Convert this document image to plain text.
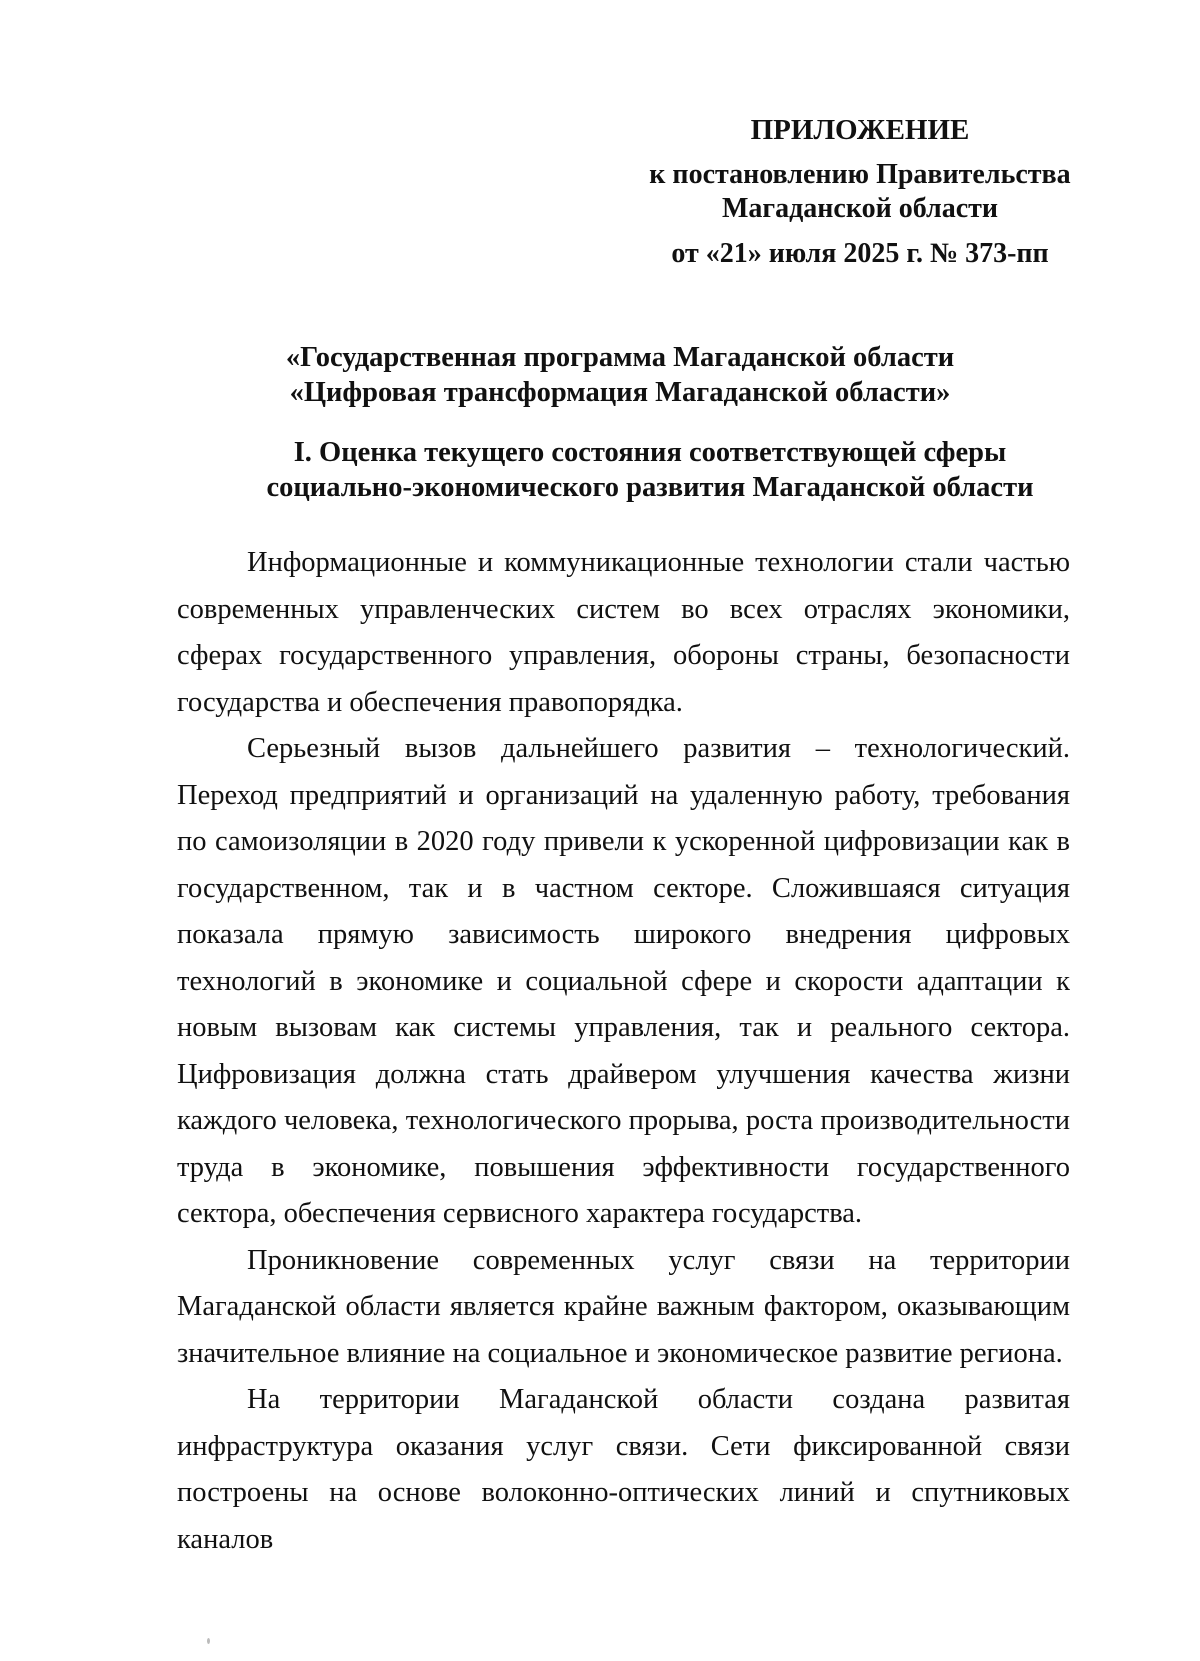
ПРИЛОЖЕНИЕ
к постановлению Правительства
Магаданской области
от «21» июля 2025 г. № 373-пп
«Государственная программа Магаданской области
«Цифровая трансформация Магаданской области»
I. Оценка текущего состояния соответствующей сферы
социально-экономического развития Магаданской области

Информационные и коммуникационные технологии стали частью современных управленческих систем во всех отраслях экономики, сферах государственного управления, обороны страны, безопасности государства и обеспечения правопорядка.

Серьезный вызов дальнейшего развития – технологический. Переход предприятий и организаций на удаленную работу, требования по самоизоляции в 2020 году привели к ускоренной цифровизации как в государственном, так и в частном секторе. Сложившаяся ситуация показала прямую зависимость широкого внедрения цифровых технологий в экономике и социальной сфере и скорости адаптации к новым вызовам как системы управления, так и реального сектора. Цифровизация должна стать драйвером улучшения качества жизни каждого человека, технологического прорыва, роста производительности труда в экономике, повышения эффективности государственного сектора, обеспечения сервисного характера государства.

Проникновение современных услуг связи на территории Магаданской области является крайне важным фактором, оказывающим значительное влияние на социальное и экономическое развитие региона.

На территории Магаданской области создана развитая инфраструктура оказания услуг связи. Сети фиксированной связи построены на основе волоконно-оптических линий и спутниковых каналов
